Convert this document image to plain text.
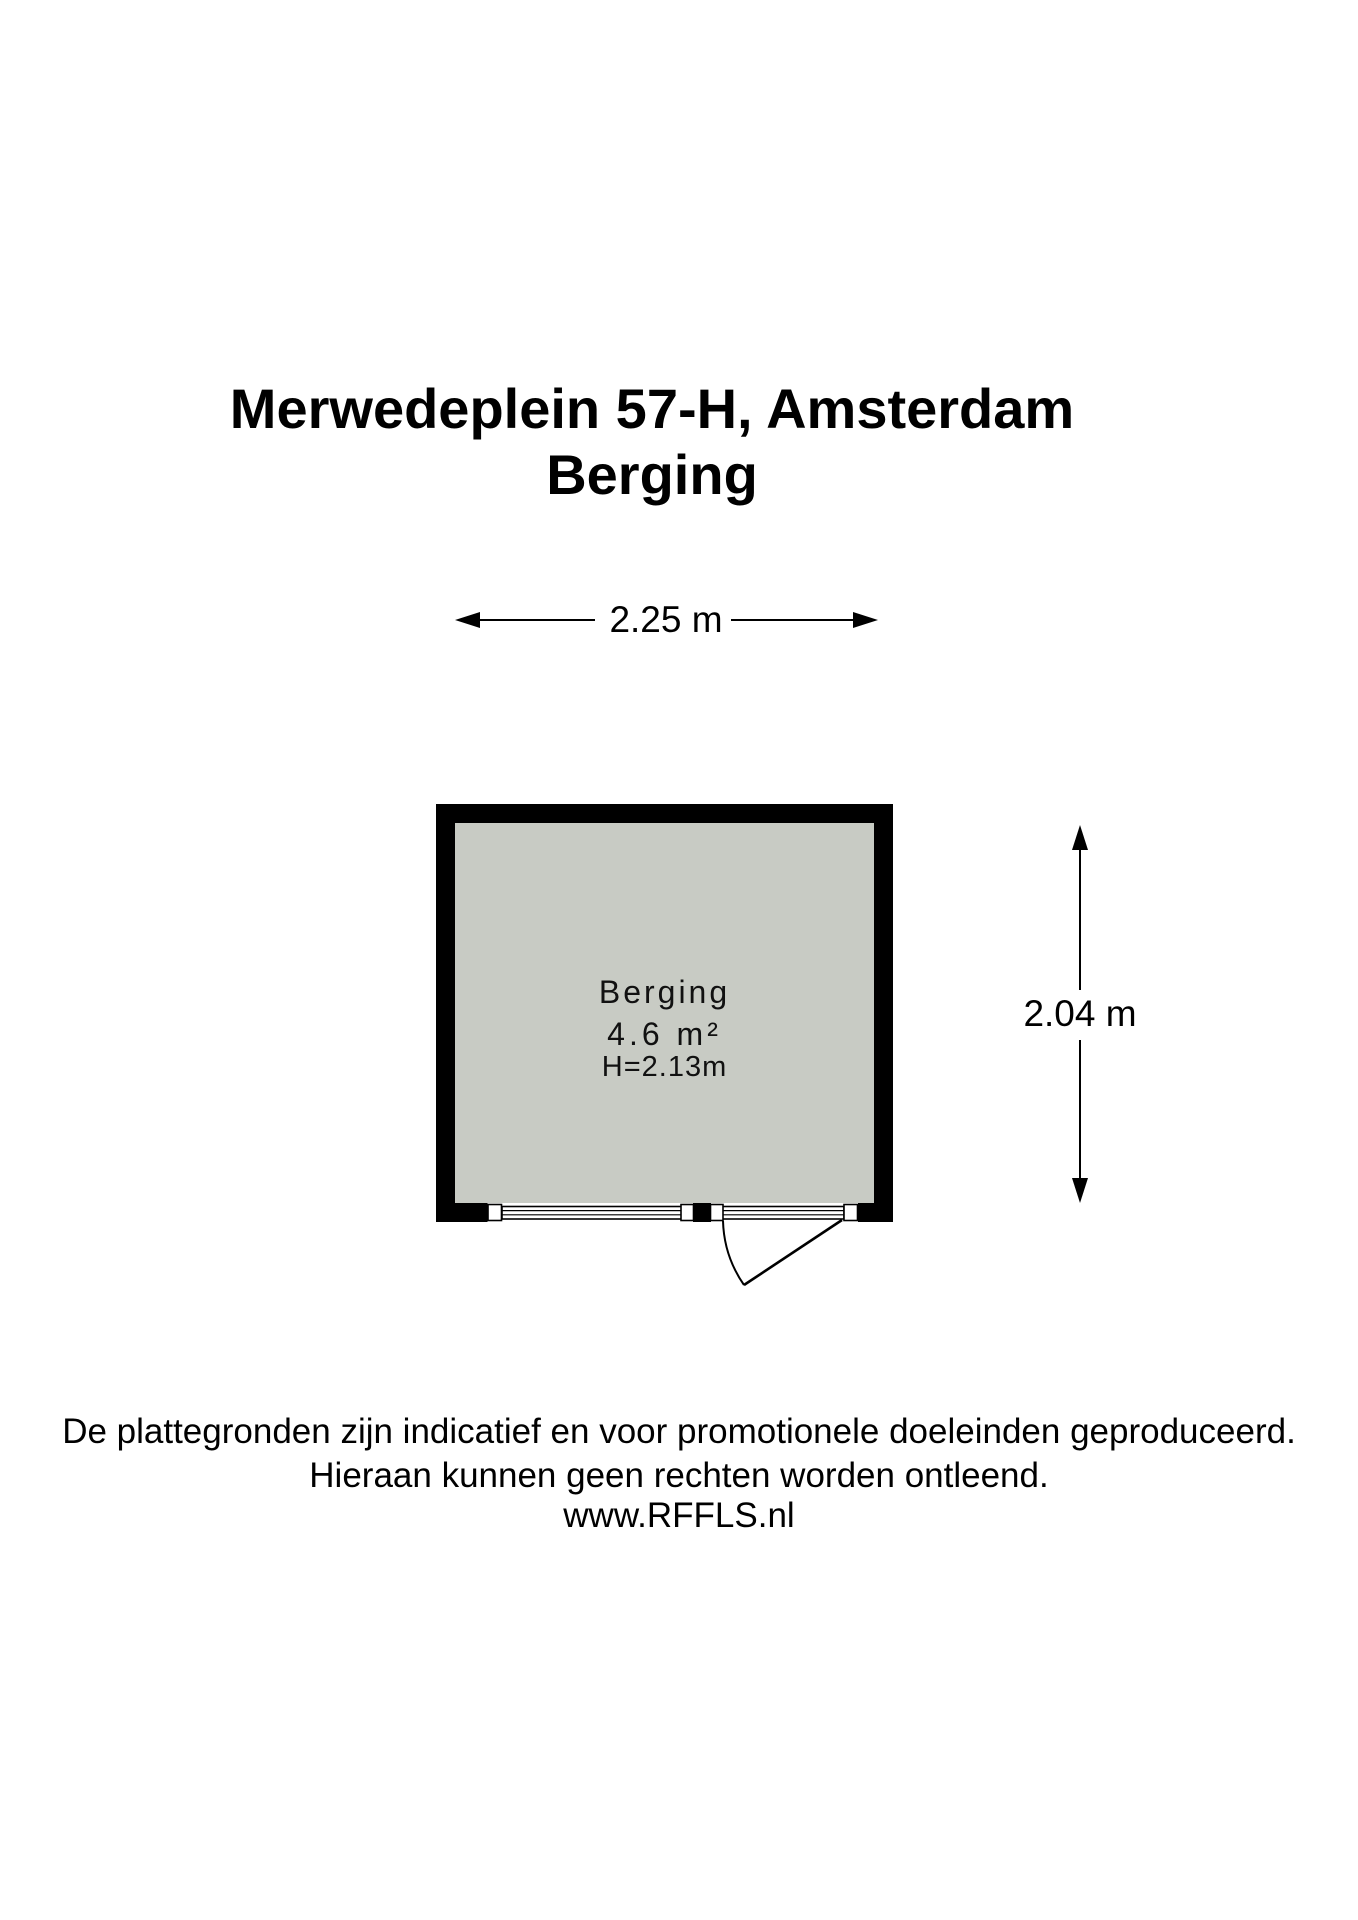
Merwedeplein 57-H, Amsterdam
Berging
2.25 m
2.04 m
Berging
4.6 m²
H=2.13m
De plattegronden zijn indicatief en voor promotionele doeleinden geproduceerd.
Hieraan kunnen geen rechten worden ontleend.
www.RFFLS.nl
